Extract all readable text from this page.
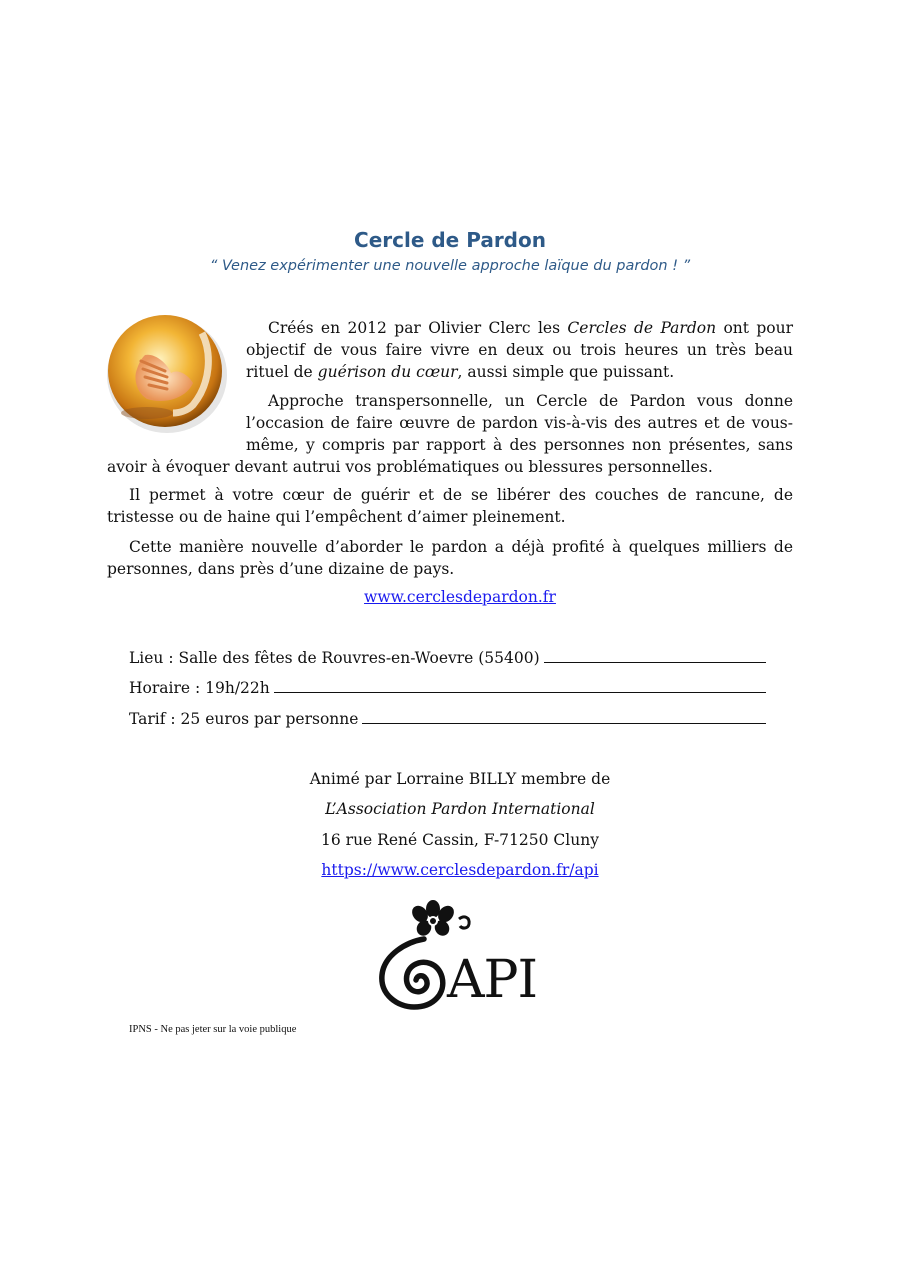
Cercle de Pardon
“ Venez expérimenter une nouvelle approche laïque du pardon ! ”

Créés en 2012 par Olivier Clerc les Cercles de Pardon ont pour objectif de vous faire vivre en deux ou trois heures un très beau rituel de guérison du cœur, aussi simple que puissant.

Approche transpersonnelle, un Cercle de Pardon vous donne l’occasion de faire œuvre de pardon vis-à-vis des autres et de vous-même, y compris par rapport à des personnes non présentes, sans avoir à évoquer devant autrui vos problématiques ou blessures personnelles.

Il permet à votre cœur de guérir et de se libérer des couches de rancune, de tristesse ou de haine qui l’empêchent d’aimer pleinement.

Cette manière nouvelle d’aborder le pardon a déjà profité à quelques milliers de personnes, dans près d’une dizaine de pays.

www.cerclesdepardon.fr
Lieu : Salle des fêtes de Rouvres-en-Woevre (55400)
Horaire : 19h/22h
Tarif : 25 euros par personne
Animé par Lorraine BILLY membre de
L’Association Pardon International
16 rue René Cassin, F-71250 Cluny
https://www.cerclesdepardon.fr/api
API
IPNS - Ne pas jeter sur la voie publique
